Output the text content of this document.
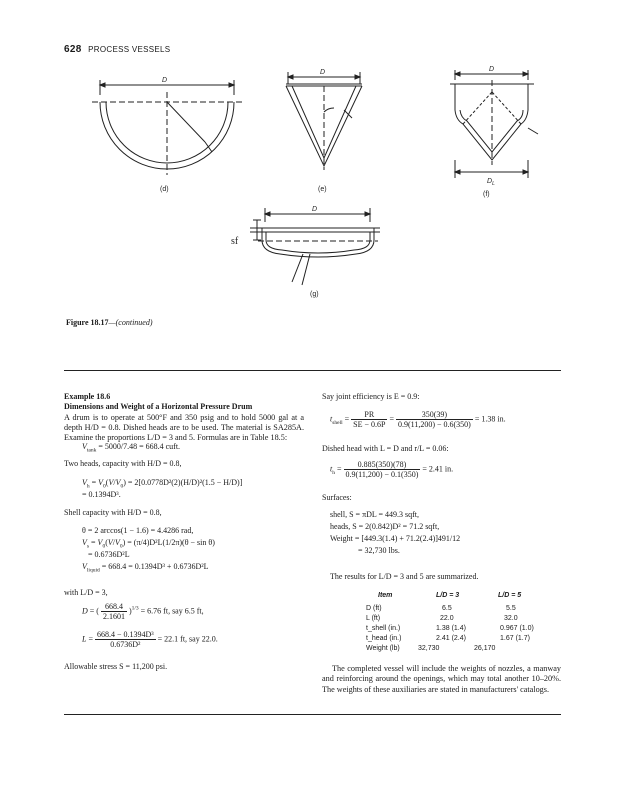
628 PROCESS VESSELS
D
D	D
$D_L$
D
sf
(d)	(e)
(f)
(g)
Figure 18.17—(continued)

Example 18.6

Dimensions and Weight of a Horizontal Pressure Drum

A drum is to operate at 500°F and 350 psig and to hold 5000 gal at a depth H/D = 0.8. Dished heads are to be used. The material is SA285A. Examine the proportions L/D = 3 and 5. Formulas are in Table 18.5:

$V_{tank} = 5000/7.48 = 668.4$ cuft.
Two heads, capacity with H/D = 0.8,
$V_h = V_0(V/V_0) = 2[0.0778D^2(2)(H/D)^2(1.5 - H/D)]$
= 0.1394D³.
Shell capacity with H/D = 0.8,
θ = 2 arccos(1 − 1.6) = 4.4286 rad,
$V_s = V_0(V/V_0) = (\pi/4)D^2L(1/2\pi)(\theta - \sin \theta)$
= 0.6736D²L
$V_{liquid} = 668.4 = 0.1394D^3 + 0.6736D^2L$
with L/D = 3,
D = ( $\frac{668.4}{2.1601} )^{1/3} = 6.76$ ft, say 6.5 ft,
$L = \frac{\text{668.4 − 0.1394D³}}{\text{0.6736D²}} = 22.1$ ft, say 22.0.
Allowable stress S = 11,200 psi.
Say joint efficiency is E = 0.9:
$t_{shell} = \frac{PR}{SE - 0.6P} = \frac{350(39)}{0.9(11,200) - 0.6(350)} = 1.38$ in.
Dished head with L = D and r/L = 0.06:
$t_h = \frac{0.885(350)(78)}{0.9(11,200) - 0.1(350)} = 2.41$ in.
Surfaces:
shell, S = πDL = 449.3 sqft,
heads, S = 2(0.842)D² = 71.2 sqft,
Weight = [449.3(1.4) + 71.2(2.4)]491/12
= 32,730 lbs.
The results for L/D = 3 and 5 are summarized.
Item	L/D = 3	L/D = 5
D (ft)	6.5	5.5
L (ft)	22.0	32.0
t_shell (in.)	1.38 (1.4)	0.967 (1.0)
t_head (in.)	2.41 (2.4)	1.67 (1.7)
Weight (lb)	32,730	26,170

The completed vessel will include the weights of nozzles, a manway and reinforcing around the openings, which may total another 10–20%. The weights of these auxiliaries are stated in manufacturers' catalogs.
